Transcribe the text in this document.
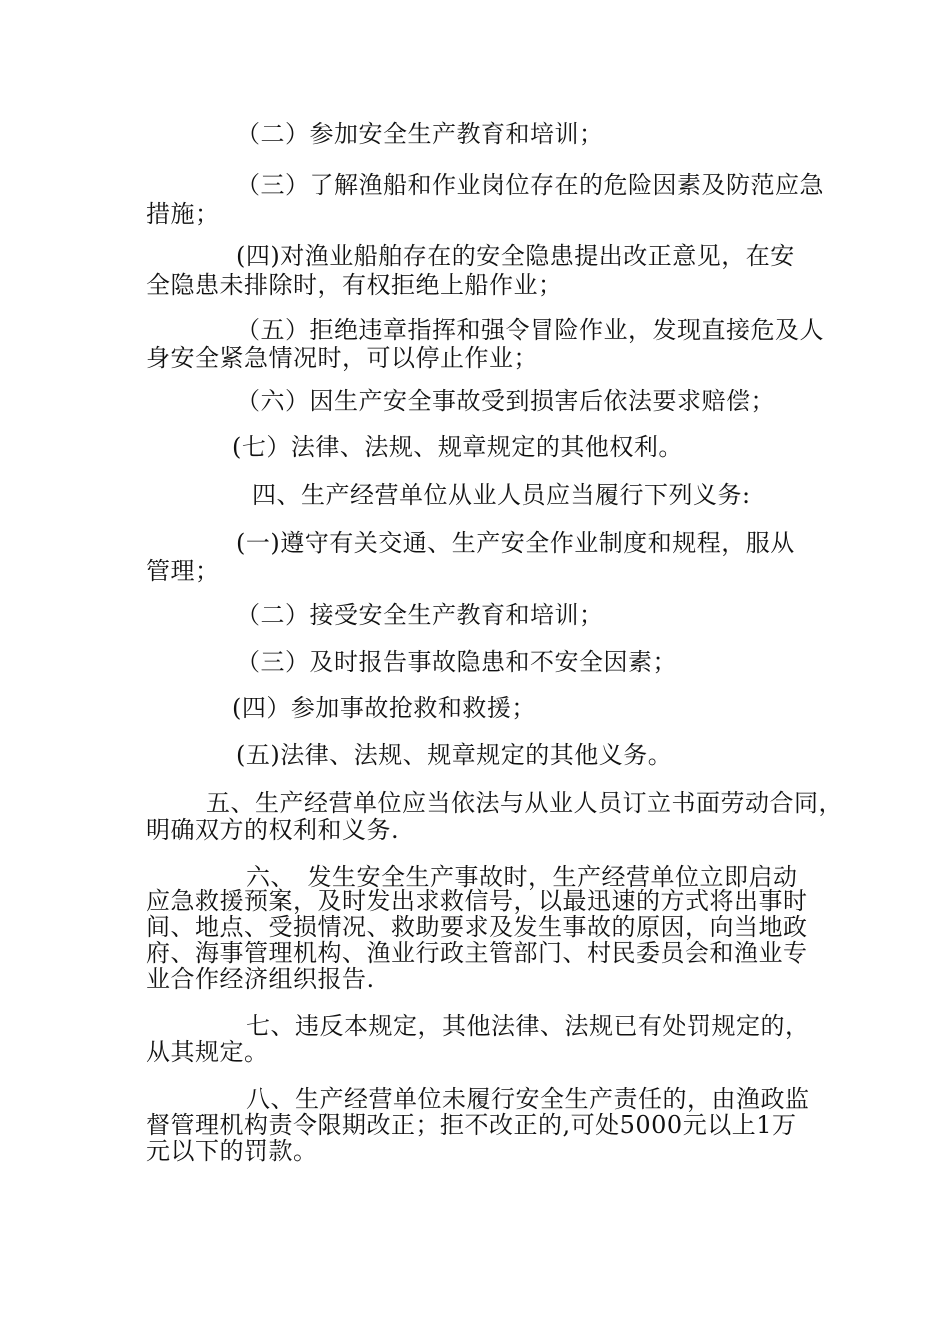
（二）参加安全生产教育和培训；

（三）了解渔船和作业岗位存在的危险因素及防范应急

措施；

(四)对渔业船舶存在的安全隐患提出改正意见，在安

全隐患未排除时，有权拒绝上船作业；

（五）拒绝违章指挥和强令冒险作业，发现直接危及人

身安全紧急情况时，可以停止作业；

（六）因生产安全事故受到损害后依法要求赔偿；

(七）法律、法规、规章规定的其他权利。

四、生产经营单位从业人员应当履行下列义务:

(一)遵守有关交通、生产安全作业制度和规程，服从

管理；

（二）接受安全生产教育和培训；

（三）及时报告事故隐患和不安全因素；

(四）参加事故抢救和救援；

(五)法律、法规、规章规定的其他义务。

五、生产经营单位应当依法与从业人员订立书面劳动合同，

明确双方的权利和义务.

六、　发生安全生产事故时，生产经营单位立即启动

应急救援预案，及时发出求救信号，以最迅速的方式将出事时

间、地点、受损情况、救助要求及发生事故的原因，向当地政

府、海事管理机构、渔业行政主管部门、村民委员会和渔业专

业合作经济组织报告.

七、违反本规定，其他法律、法规已有处罚规定的，

从其规定。

八、生产经营单位未履行安全生产责任的，由渔政监

督管理机构责令限期改正；拒不改正的,可处5000元以上1万

元以下的罚款。
